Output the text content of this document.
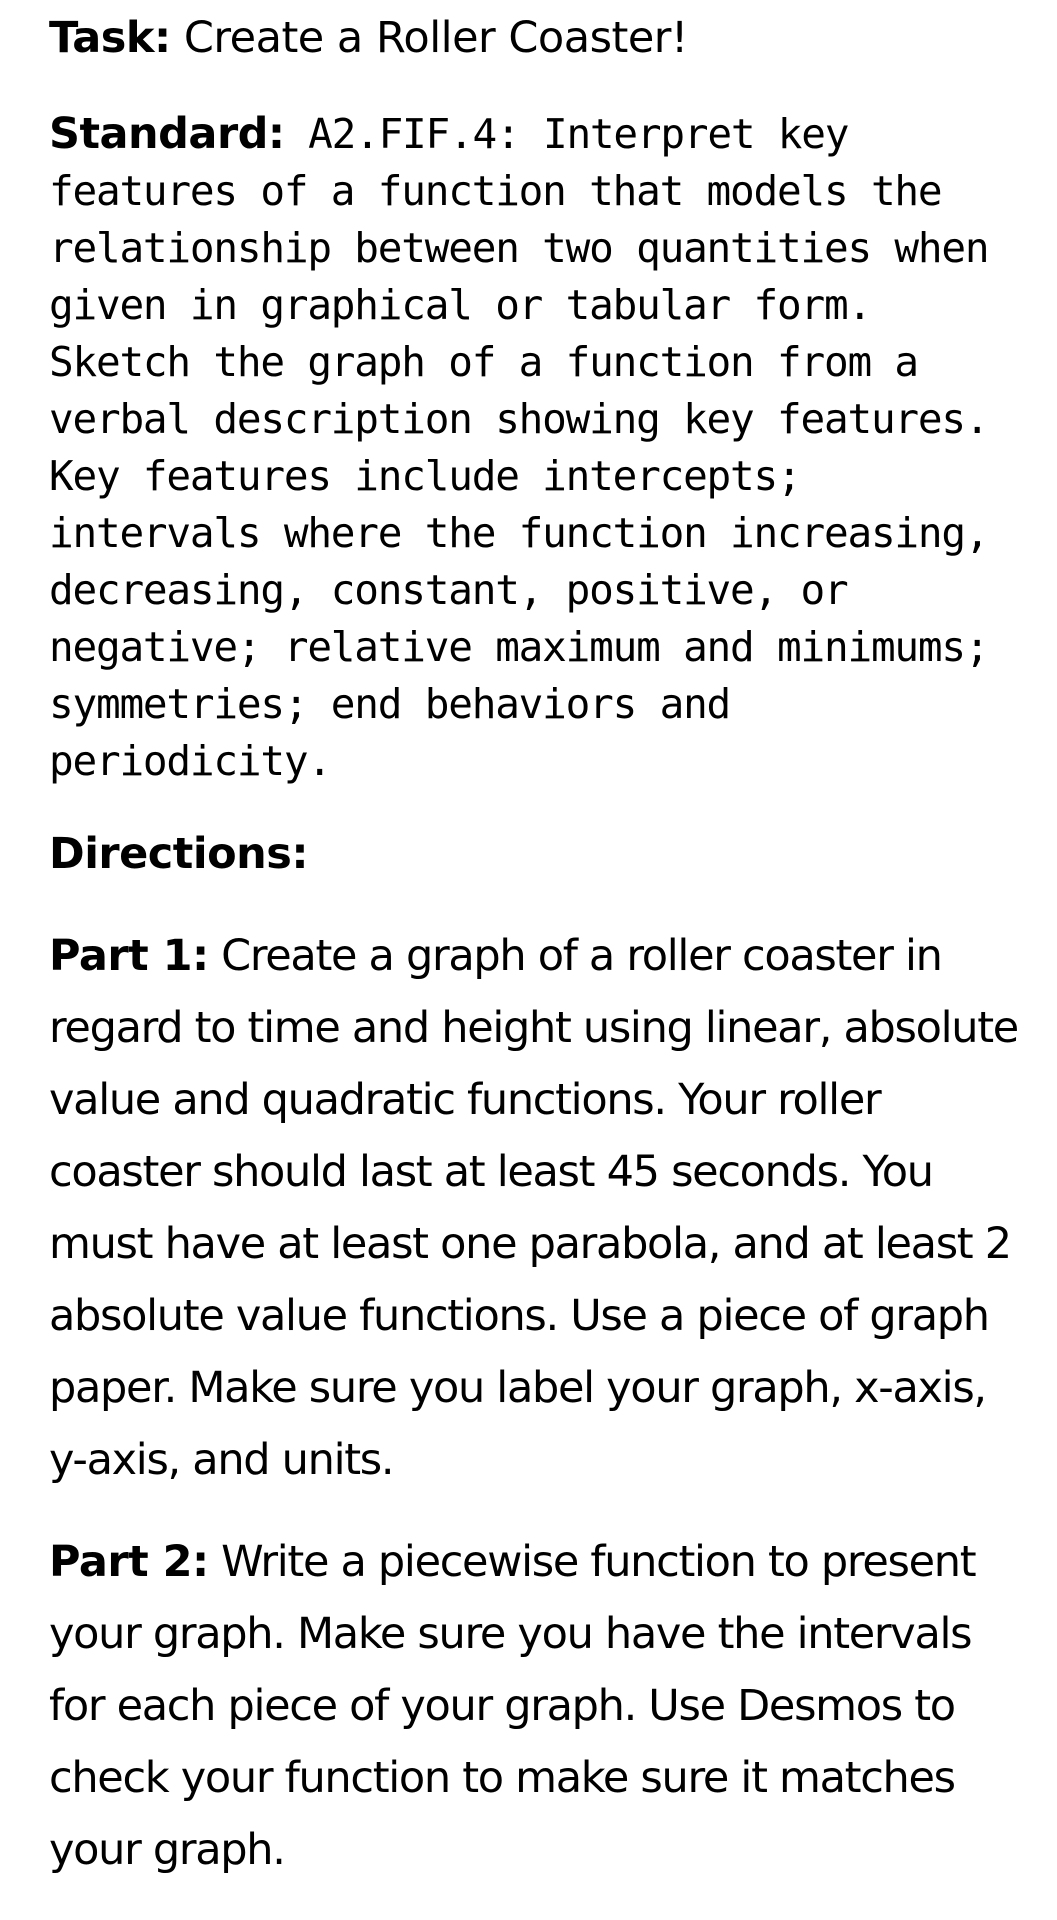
Task: Create a Roller Coaster!
Standard: A2.FIF.4: Interpret key features of a function that models the relationship between two quantities when given in graphical or tabular form. Sketch the graph of a function from a verbal description showing key features. Key features include intercepts; intervals where the function increasing, decreasing, constant, positive, or negative; relative maximum and minimums; symmetries; end behaviors and periodicity.
Directions:
Part 1: Create a graph of a roller coaster in regard to time and height using linear, absolute value and quadratic functions. Your roller coaster should last at least 45 seconds. You must have at least one parabola, and at least 2 absolute value functions. Use a piece of graph paper. Make sure you label your graph, x-axis, y-axis, and units.
Part 2: Write a piecewise function to present your graph. Make sure you have the intervals for each piece of your graph. Use Desmos to check your function to make sure it matches your graph.
